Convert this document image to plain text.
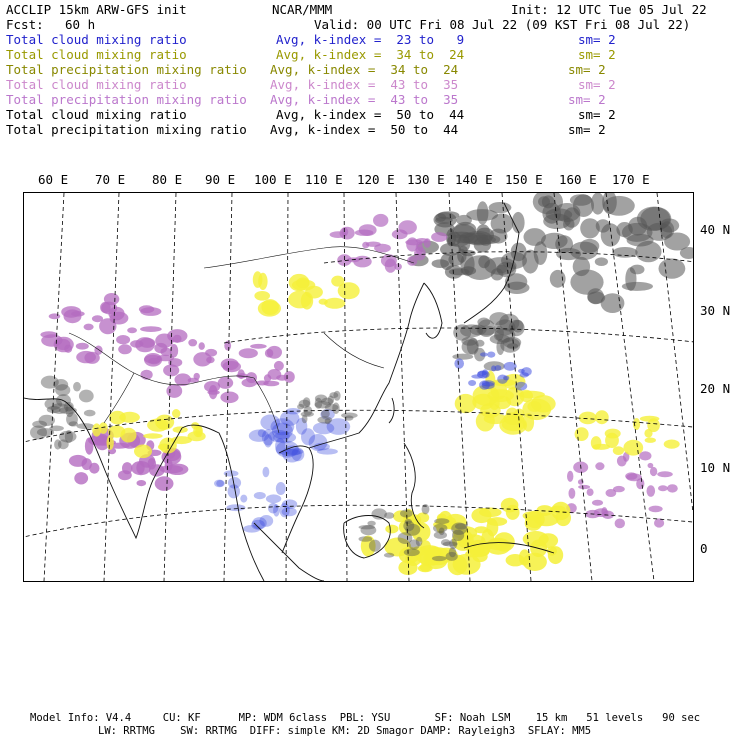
ACCLIP 15km ARW-GFS init	NCAR/MMM	Init: 12 UTC Tue 05 Jul 22
Fcst: 60 h	Valid: 00 UTC Fri 08 Jul 22 (09 KST Fri 08 Jul 22)
Total cloud mixing ratio	Avg, k-index =  23 to   9	sm= 2
Total cloud mixing ratio	Avg, k-index =  34 to  24	sm= 2
Total precipitation mixing ratio Avg, k-index =  34 to  24	sm= 2
Total cloud mixing ratio	Avg, k-index =  43 to  35	sm= 2
Total precipitation mixing ratio Avg, k-index =  43 to  35	sm= 2
Total cloud mixing ratio	Avg, k-index =  50 to  44	sm= 2
Total precipitation mixing ratio Avg, k-index =  50 to  44	sm= 2
60 E 70 E 80 E 90 E 100 E 110 E 120 E 130 E 140 E 150 E 160 E 170 E
40 N
30 N
20 N
10 N
0
Model Info: V4.4     CU: KF      MP: WDM 6class  PBL: YSU       SF: Noah LSM    15 km   51 levels   90 sec
LW: RRTMG    SW: RRTMG  DIFF: simple KM: 2D Smagor DAMP: Rayleigh3  SFLAY: MM5
